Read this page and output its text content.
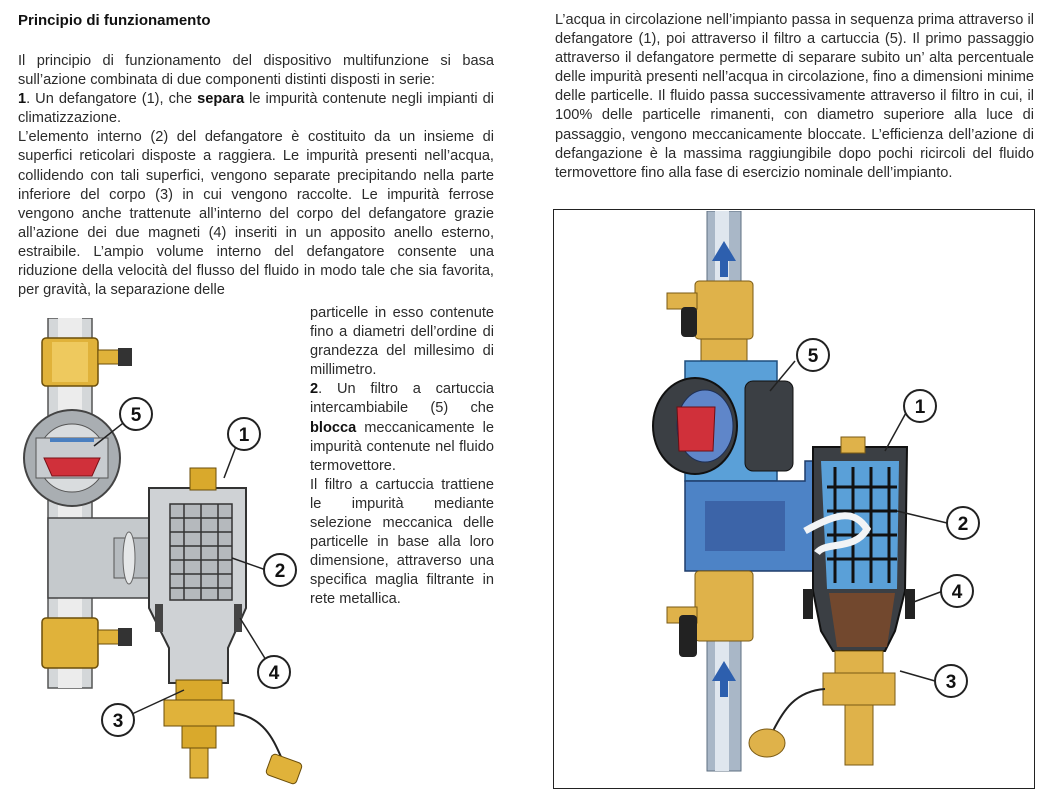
Principio di funzionamento
Il principio di funzionamento del dispositivo multifunzione si basa sull’azione combinata di due componenti distinti disposti in serie:
1. Un defangatore (1), che separa le impurità contenute negli impianti di climatizzazione.
L’elemento interno (2) del defangatore è costituito da un insieme di superfici reticolari disposte a raggiera. Le impurità presenti nell’acqua, collidendo con tali superfici, vengono separate precipitando nella parte inferiore del corpo (3) in cui vengono raccolte. Le impurità ferrose vengono anche trattenute all’interno del corpo del defangatore grazie all’azione dei due magneti (4) inseriti in un apposito anello esterno, estraibile. L’ampio volume interno del defangatore consente una riduzione della velocità del flusso del fluido in modo tale che sia favorita, per gravità, la separazione delle
particelle in esso contenute fino a diametri dell’ordine di grandezza del millesimo di millimetro.
2. Un filtro a cartuccia intercambiabile (5) che blocca meccanicamente le impurità contenute nel fluido termovettore.
Il filtro a cartuccia trattiene le impurità mediante selezione meccanica delle particelle in base alla loro dimensione, attraverso una specifica maglia filtrante in rete metallica.
L’acqua in circolazione nell’impianto passa in sequenza prima attraverso il defangatore (1), poi attraverso il filtro a cartuccia (5). Il primo passaggio attraverso il defangatore permette di separare subito un’ alta percentuale delle impurità presenti nell’acqua in circolazione, fino a dimensioni minime delle particelle. Il fluido passa successivamente attraverso il filtro in cui, il 100% delle particelle rimanenti, con diametro superiore alla luce di passaggio, vengono meccanicamente bloccate. L’efficienza dell’azione di defangazione è la massima raggiungibile dopo pochi ricircoli del fluido termovettore fino alla fase di esercizio nominale dell’impianto.
5
1
2
4
3
5
1
2
4
3
